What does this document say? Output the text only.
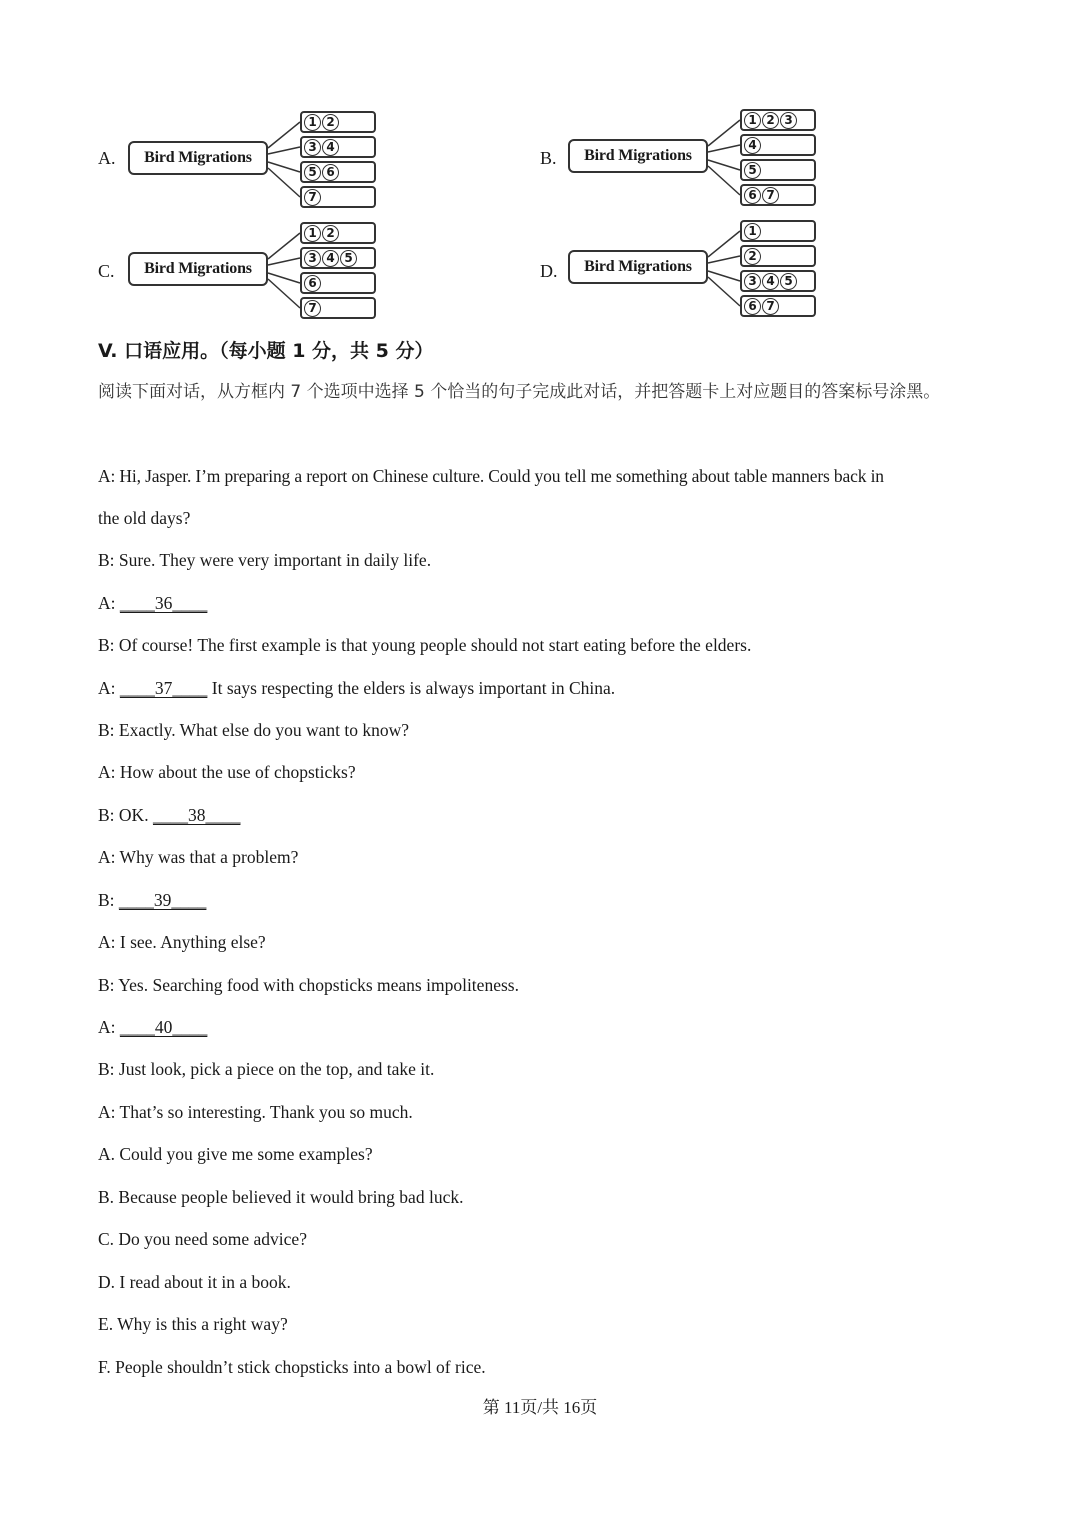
A.	Bird Migrations
1 2
3 4
5 6
7
B.	Bird Migrations
1 2 3
4
5
6 7
C.	Bird Migrations
1 2
3 4 5
6
7
D.	Bird Migrations
1
2
3 4 5
6 7
V. 口语应用。（每小题 1 分，共 5 分）
阅读下面对话，从方框内 7 个选项中选择 5 个恰当的句子完成此对话，并把答题卡上对应题目的答案标号涂黑。
A: Hi, Jasper. I’m preparing a report on Chinese culture. Could you tell me something about table manners back in
the old days?
B: Sure. They were very important in daily life.
A: ____36____
B: Of course! The first example is that young people should not start eating before the elders.
A: ____37____ It says respecting the elders is always important in China.
B: Exactly. What else do you want to know?
A: How about the use of chopsticks?
B: OK. ____38____
A: Why was that a problem?
B: ____39____
A: I see. Anything else?
B: Yes. Searching food with chopsticks means impoliteness.
A: ____40____
B: Just look, pick a piece on the top, and take it.
A: That’s so interesting. Thank you so much.
A. Could you give me some examples?
B. Because people believed it would bring bad luck.
C. Do you need some advice?
D. I read about it in a book.
E. Why is this a right way?
F. People shouldn’t stick chopsticks into a bowl of rice.
第 11页/共 16页
